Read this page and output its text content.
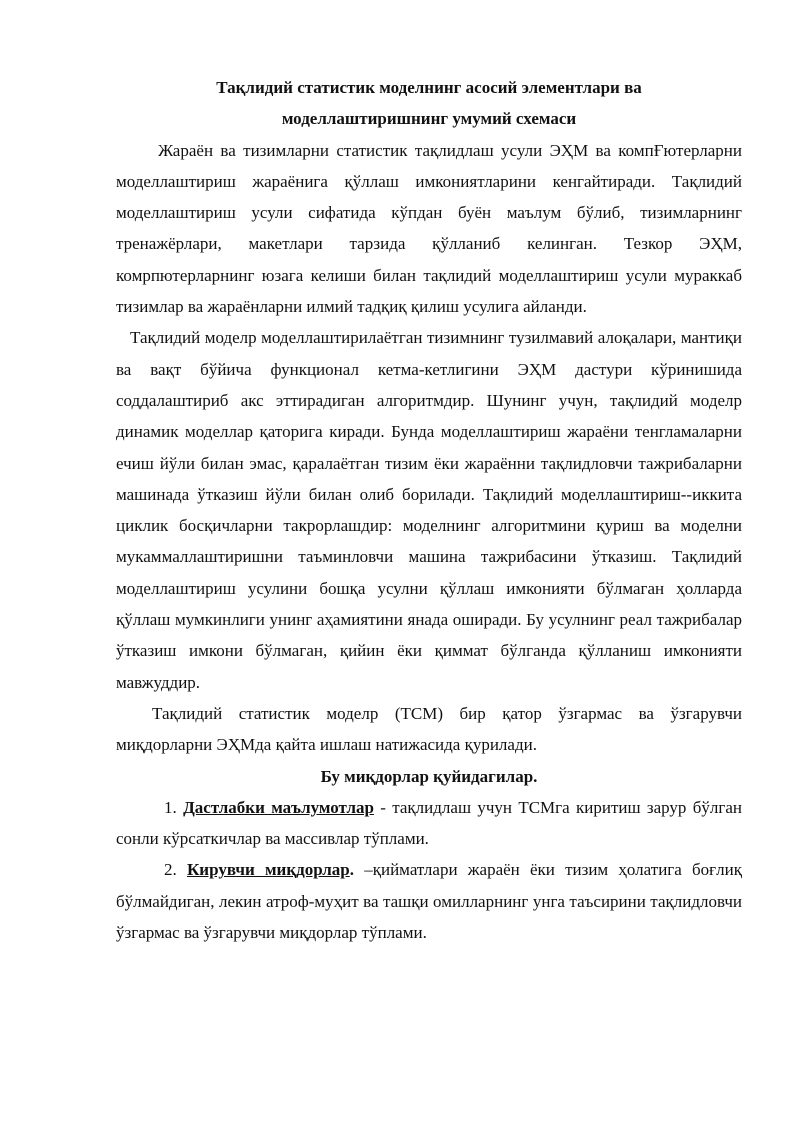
Тақлидий статистик моделнинг асосий элементлари ва
моделлаштиришнинг умумий схемаси

Жараён ва тизимларни статистик тақлидлаш усули ЭҲМ ва компҒютерларни моделлаштириш жараёнига қўллаш имкониятларини кенгайтиради. Тақлидий моделлаштириш усули сифатида кўпдан буён маълум бўлиб, тизимларнинг тренажёрлари, макетлари тарзида қўлланиб келинган. Тезкор ЭҲМ, комрпютерларнинг юзага келиши билан тақлидий моделлаштириш усули мураккаб тизимлар ва жараёнларни илмий тадқиқ қилиш усулига айланди.

Тақлидий моделр моделлаштирилаётган тизимнинг тузилмавий алоқалари, мантиқи ва вақт бўйича функционал кетма-кетлигини ЭҲМ дастури кўринишида соддалаштириб акс эттирадиган алгоритмдир. Шунинг учун, тақлидий моделр динамик моделлар қаторига киради. Бунда моделлаштириш жараёни тенгламаларни ечиш йўли билан эмас, қаралаётган тизим ёки жараённи тақлидловчи тажрибаларни машинада ўтказиш йўли билан олиб борилади. Тақлидий моделлаштириш--иккита циклик босқичларни такрорлашдир: моделнинг алгоритмини қуриш ва моделни мукаммаллаштиришни таъминловчи машина тажрибасини ўтказиш. Тақлидий моделлаштириш усулини бошқа усулни қўллаш имконияти бўлмаган ҳолларда қўллаш мумкинлиги унинг аҳамиятини янада оширади. Бу усулнинг реал тажрибалар ўтказиш имкони бўлмаган, қийин ёки қиммат бўлганда қўлланиш имконияти мавжуддир.

Тақлидий статистик моделр (ТСМ) бир қатор ўзгармас ва ўзгарувчи миқдорларни ЭҲМда қайта ишлаш натижасида қурилади.

Бу миқдорлар қуйидагилар.

1. Дастлабки маълумотлар - тақлидлаш учун ТСМга киритиш зарур бўлган сонли кўрсаткичлар ва массивлар тўплами.

2. Кирувчи миқдорлар. –қийматлари жараён ёки тизим ҳолатига боғлиқ бўлмайдиган, лекин атроф-муҳит ва ташқи омилларнинг унга таъсирини тақлидловчи ўзгармас ва ўзгарувчи миқдорлар тўплами.
